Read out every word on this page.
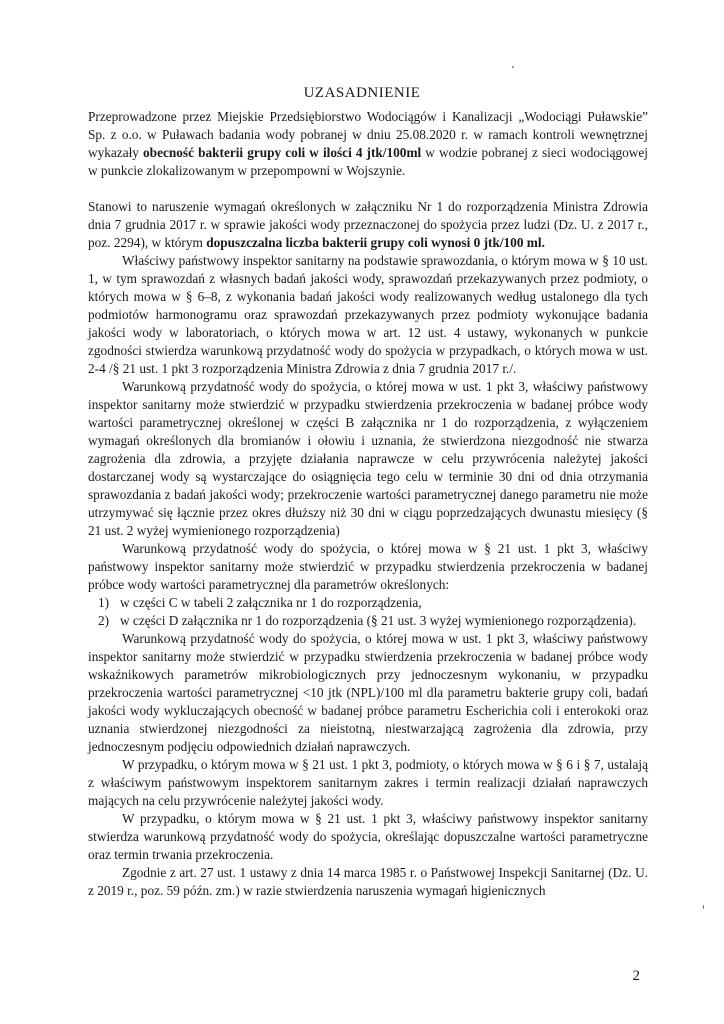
UZASADNIENIE

Przeprowadzone przez Miejskie Przedsiębiorstwo Wodociągów i Kanalizacji „Wodociągi Puławskie” Sp. z o.o. w Puławach badania wody pobranej w dniu 25.08.2020 r. w ramach kontroli wewnętrznej wykazały obecność bakterii grupy coli w ilości 4 jtk/100ml w wodzie pobranej z sieci wodociągowej w punkcie zlokalizowanym w przepompowni w Wojszynie.

Stanowi to naruszenie wymagań określonych w załączniku Nr 1 do rozporządzenia Ministra Zdrowia dnia 7 grudnia 2017 r. w sprawie jakości wody przeznaczonej do spożycia przez ludzi (Dz. U. z 2017 r., poz. 2294), w którym dopuszczalna liczba bakterii grupy coli wynosi 0 jtk/100 ml.

Właściwy państwowy inspektor sanitarny na podstawie sprawozdania, o którym mowa w § 10 ust. 1, w tym sprawozdań z własnych badań jakości wody, sprawozdań przekazywanych przez podmioty, o których mowa w § 6–8, z wykonania badań jakości wody realizowanych według ustalonego dla tych podmiotów harmonogramu oraz sprawozdań przekazywanych przez podmioty wykonujące badania jakości wody w laboratoriach, o których mowa w art. 12 ust. 4 ustawy, wykonanych w punkcie zgodności stwierdza warunkową przydatność wody do spożycia w przypadkach, o których mowa w ust. 2-4 /§ 21 ust. 1 pkt 3 rozporządzenia Ministra Zdrowia z dnia 7 grudnia 2017 r./.

Warunkową przydatność wody do spożycia, o której mowa w ust. 1 pkt 3, właściwy państwowy inspektor sanitarny może stwierdzić w przypadku stwierdzenia przekroczenia w badanej próbce wody wartości parametrycznej określonej w części B załącznika nr 1 do rozporządzenia, z wyłączeniem wymagań określonych dla bromianów i ołowiu i uznania, że stwierdzona niezgodność nie stwarza zagrożenia dla zdrowia, a przyjęte działania naprawcze w celu przywrócenia należytej jakości dostarczanej wody są wystarczające do osiągnięcia tego celu w terminie 30 dni od dnia otrzymania sprawozdania z badań jakości wody; przekroczenie wartości parametrycznej danego parametru nie może utrzymywać się łącznie przez okres dłuższy niż 30 dni w ciągu poprzedzających dwunastu miesięcy (§ 21 ust. 2 wyżej wymienionego rozporządzenia)

Warunkową przydatność wody do spożycia, o której mowa w § 21 ust. 1 pkt 3, właściwy państwowy inspektor sanitarny może stwierdzić w przypadku stwierdzenia przekroczenia w badanej próbce wody wartości parametrycznej dla parametrów określonych:

1) w części C w tabeli 2 załącznika nr 1 do rozporządzenia,
2) w części D załącznika nr 1 do rozporządzenia (§ 21 ust. 3 wyżej wymienionego rozporządzenia).

Warunkową przydatność wody do spożycia, o której mowa w ust. 1 pkt 3, właściwy państwowy inspektor sanitarny może stwierdzić w przypadku stwierdzenia przekroczenia w badanej próbce wody wskaźnikowych parametrów mikrobiologicznych przy jednoczesnym wykonaniu, w przypadku przekroczenia wartości parametrycznej <10 jtk (NPL)/100 ml dla parametru bakterie grupy coli, badań jakości wody wykluczających obecność w badanej próbce parametru Escherichia coli i enterokoki oraz uznania stwierdzonej niezgodności za nieistotną, niestwarzającą zagrożenia dla zdrowia, przy jednoczesnym podjęciu odpowiednich działań naprawczych.

W przypadku, o którym mowa w § 21 ust. 1 pkt 3, podmioty, o których mowa w § 6 i § 7, ustalają z właściwym państwowym inspektorem sanitarnym zakres i termin realizacji działań naprawczych mających na celu przywrócenie należytej jakości wody.

W przypadku, o którym mowa w § 21 ust. 1 pkt 3, właściwy państwowy inspektor sanitarny stwierdza warunkową przydatność wody do spożycia, określając dopuszczalne wartości parametryczne oraz termin trwania przekroczenia.

Zgodnie z art. 27 ust. 1 ustawy z dnia 14 marca 1985 r. o Państwowej Inspekcji Sanitarnej (Dz. U. z 2019 r., poz. 59 późn. zm.) w razie stwierdzenia naruszenia wymagań higienicznych

2
